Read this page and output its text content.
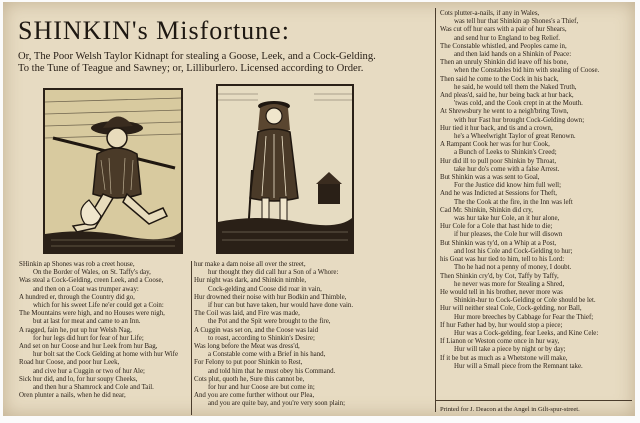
SHINKIN's Misfortune:
Or, The Poor Welsh Taylor Kidnapt for stealing a Goose, Leek, and a Cock-Gelding. To the Tune of Teague and Sawney; or, Lilliburlero. Licensed according to Order.
SHinkin ap Shones was rob a creet house,
On the Border of Wales, on St. Taffy's day,
Was steal a Cock-Gelding, creen Leek, and a Coose,
and then on a Coat was trumper away:
A hundred er, through the Country did go,
which for his sweet Life ne'er could get a Coin:
The Mountains were high, and no Houses were nigh,
but at last for meat and came to an Inn.
A ragged, fain he, put up hur Welsh Nag,
for hur legs did hurt for fear of hur Life;
And set on hur Coose and hur Leek from hur Bag,
hur bolt sat the Cock Gelding at home with hur Wife
Road hur Coose, and poor hur Leek,
and cive hur a Cuggin or two of hur Ale;
Sick hur did, and lo, for hur soupy Cheeks,
and then hur a Shamrock and Cole and Tail.
Oren plunter a nails, when he did near,
hur make a dam noise all over the street,
hur thought they did call hur a Son of a Whore:
Hur night was dark, and Shinkin nimble,
Cock-gelding and Coose did roar in vain,
Hur drowned their noise with hur Bodkin and Thimble,
if hur can but have taken, hur would have done vain.
The Coil was laid, and Fire was made,
the Pot and the Spit were brought to the fire,
A Cuggin was set on, and the Coose was laid
to roast, according to Shinkin's Desire;
Was long before the Meat was dress'd,
a Constable come with a Brief in his hand,
For Felony to put poor Shinkin to Rest,
and told him that he must obey his Command.
Cots plut, quoth he, Sure this cannot be,
for hur and hur Coose are but come in;
And you are come further without our Plea,
and you are quite bay, and you're very soon plain;
Cots plutter-a-nails, if any in Wales,
was tell hur that Shinkin ap Shones's a Thief,
Was cut off hur ears with a pair of hur Shears,
and send hur to England to beg Relief.
The Constable whistled, and Peoples came in,
and then laid hands on a Shinkin of Peace:
Then an unruly Shinkin did leave off his bone,
when the Constables bid him with stealing of Coose.
Then said he come to the Cock in his back,
he said, he would tell them the Naked Truth,
And pleas'd, said he, hur being back at hur back,
'twas cold, and the Cook crept in at the Mouth.
At Shrewsbury he went to a neigh'bring Town,
with hur Fast hur brought Cock-Gelding down;
Hur tied it hur back, and tis and a crown,
he's a Wheelwright Taylor of great Renown.
A Rampant Cook her was for hur Cook,
a Bunch of Leeks to Shinkin's Creed;
Hur did ill to pull poor Shinkin by Throat,
take hur do's come with a false Arrest.
But Shinkin was a was sent to Goal,
For the Justice did know him full well;
And he was Indicted at Sessions for Theft,
The the Cook at the fire, in the Inn was left
Cad Mr. Shinkin, Shinkin did cry,
was hur take hur Cole, an it hur alone,
Hur Cole for a Cole that hast hide to die;
if hur pleases, the Cole hur will disown
But Shinkin was ty'd, on a Whip at a Post,
and lost his Cole and Cock-Gelding to hur;
his Goat was hur tied to him, tell to his Lord:
Tho he had not a penny of money, I doubt.
Then Shinkin cry'd, by Cot, Taffy by Taffy,
he never was more for Stealing a Shred,
He would tell in his brother, never more was
Shinkin-hur to Cock-Gelding or Cole should be let.
Hur will neither steal Cole, Cock-gelding, nor Ball,
Hur more breeches by Cabbage for Fear the Thief;
If hur Father had by, hur would stop a piece;
Hur was a Cock-gelding, fear Leeks, and Kine Cele:
If Lianon or Weston come once in hur way,
Hur will take a piece by night or by day;
If it be but as much as a Whetstone will make,
Hur will a Small piece from the Remnant take.
Printed for J. Deacon at the Angel in Gilt-spur-street.
